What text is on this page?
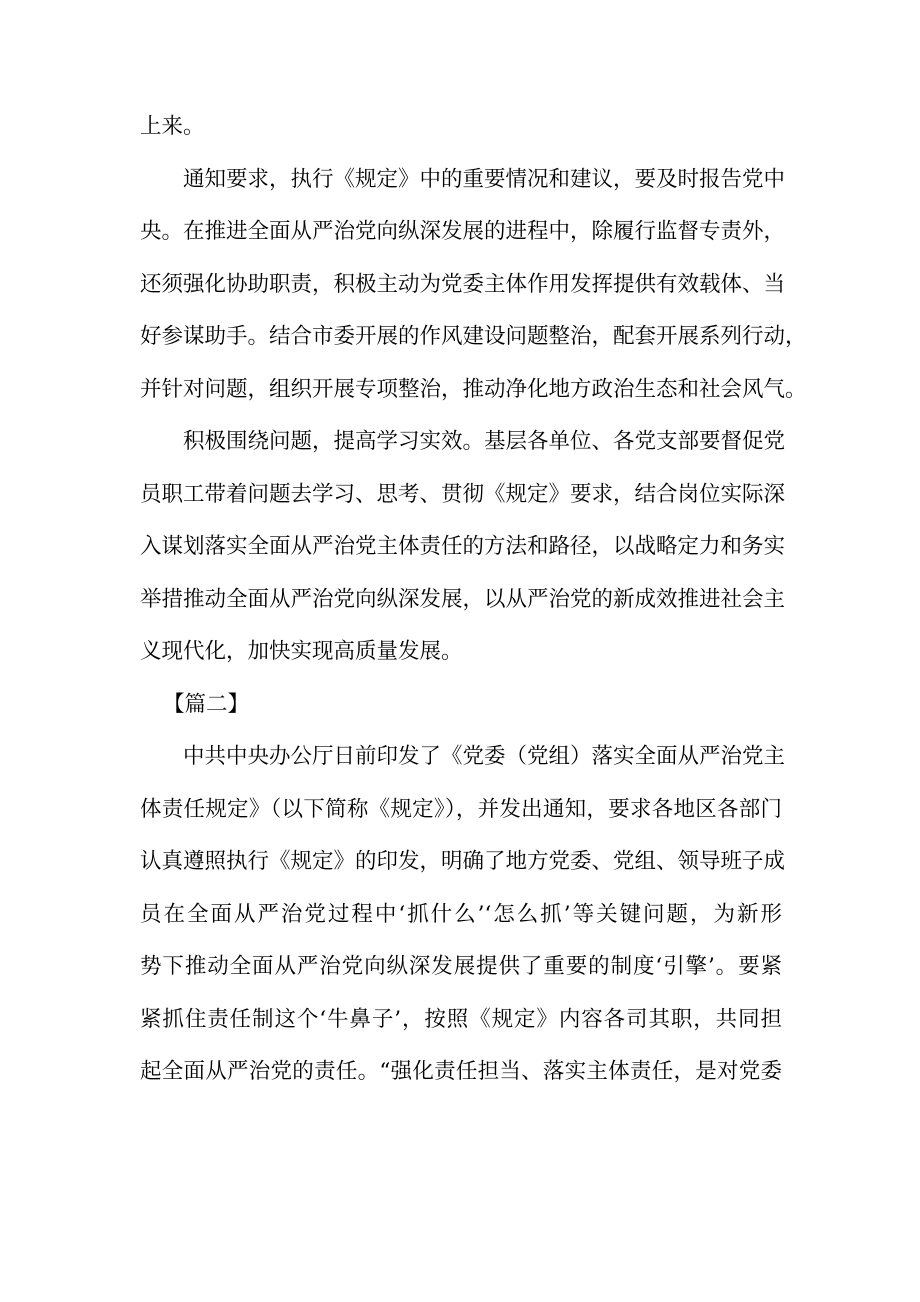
上来。
通知要求，执行《规定》中的重要情况和建议，要及时报告党中
央。在推进全面从严治党向纵深发展的进程中，除履行监督专责外，
还须强化协助职责，积极主动为党委主体作用发挥提供有效载体、当
好参谋助手。结合市委开展的作风建设问题整治，配套开展系列行动，
并针对问题，组织开展专项整治，推动净化地方政治生态和社会风气。
积极围绕问题，提高学习实效。基层各单位、各党支部要督促党
员职工带着问题去学习、思考、贯彻《规定》要求，结合岗位实际深
入谋划落实全面从严治党主体责任的方法和路径，以战略定力和务实
举措推动全面从严治党向纵深发展，以从严治党的新成效推进社会主
义现代化，加快实现高质量发展。
【篇二】
中共中央办公厅日前印发了《党委（党组）落实全面从严治党主
体责任规定》（以下简称《规定》），并发出通知，要求各地区各部门
认真遵照执行《规定》的印发，明确了地方党委、党组、领导班子成
员在全面从严治党过程中‘抓什么’‘怎么抓’等关键问题，为新形
势下推动全面从严治党向纵深发展提供了重要的制度‘引擎’。要紧
紧抓住责任制这个‘牛鼻子’，按照《规定》内容各司其职，共同担
起全面从严治党的责任。“强化责任担当、落实主体责任，是对党委
